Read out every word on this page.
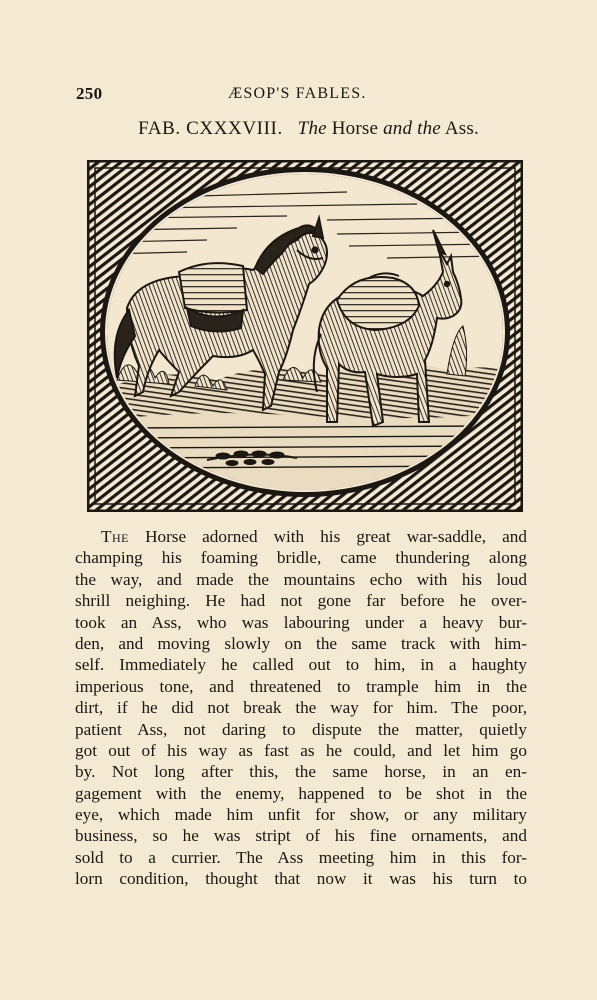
250	ÆSOP'S FABLES.
FAB. CXXXVIII. The Horse and the Ass.
The Horse adorned with his great war-saddle, and
champing his foaming bridle, came thundering along
the way, and made the mountains echo with his loud
shrill neighing. He had not gone far before he over-
took an Ass, who was labouring under a heavy bur-
den, and moving slowly on the same track with him-
self. Immediately he called out to him, in a haughty
imperious tone, and threatened to trample him in the
dirt, if he did not break the way for him. The poor,
patient Ass, not daring to dispute the matter, quietly
got out of his way as fast as he could, and let him go
by. Not long after this, the same horse, in an en-
gagement with the enemy, happened to be shot in the
eye, which made him unfit for show, or any military
business, so he was stript of his fine ornaments, and
sold to a currier. The Ass meeting him in this for-
lorn condition, thought that now it was his turn to
